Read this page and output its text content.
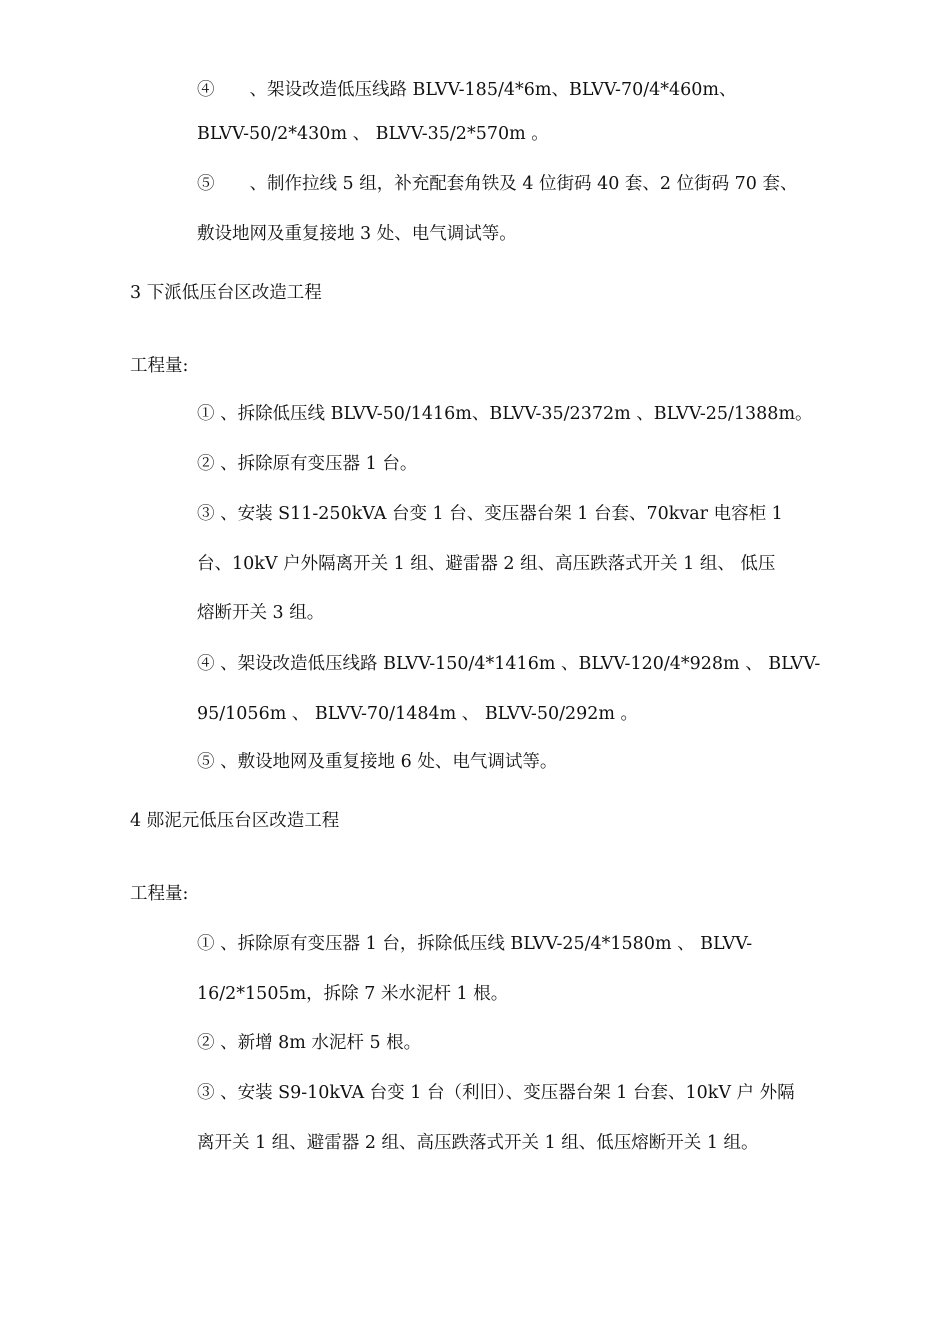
④　　、架设改造低压线路 BLVV-185/4*6m、BLVV-70/4*460m、
BLVV-50/2*430m 、 BLVV-35/2*570m 。
⑤　　、制作拉线 5 组，补充配套角铁及 4 位街码 40 套、2 位街码 70 套、
敷设地网及重复接地 3 处、电气调试等。
3 下派低压台区改造工程
工程量:
① 、拆除低压线 BLVV-50/1416m、BLVV-35/2372m 、BLVV-25/1388m。
② 、拆除原有变压器 1 台。
③ 、安装 S11-250kVA 台变 1 台、变压器台架 1 台套、70kvar 电容柜 1
台、10kV 户外隔离开关 1 组、避雷器 2 组、高压跌落式开关 1 组、 低压
熔断开关 3 组。
④ 、架设改造低压线路 BLVV-150/4*1416m 、BLVV-120/4*928m 、 BLVV-
95/1056m 、 BLVV-70/1484m 、 BLVV-50/292m 。
⑤ 、敷设地网及重复接地 6 处、电气调试等。
4 郧泥元低压台区改造工程
工程量:
① 、拆除原有变压器 1 台，拆除低压线 BLVV-25/4*1580m 、 BLVV-
16/2*1505m，拆除 7 米水泥杆 1 根。
② 、新增 8m 水泥杆 5 根。
③ 、安装 S9-10kVA 台变 1 台（利旧）、变压器台架 1 台套、10kV 户 外隔
离开关 1 组、避雷器 2 组、高压跌落式开关 1 组、低压熔断开关 1 组。
